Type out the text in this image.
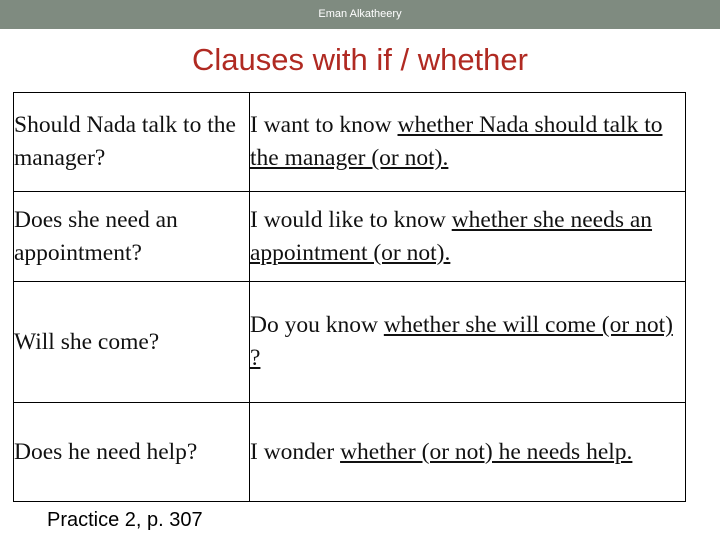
Eman Alkatheery
Clauses with if / whether
Should Nada talk to the manager?	I want to know whether Nada should talk to the manager (or not).
Does she need an appointment?	I would like to know whether she needs an appointment (or not).
Will she come?	Do you know whether she will come (or not) ?
Does he need help?	I wonder whether (or not) he needs help.
Practice 2, p. 307
